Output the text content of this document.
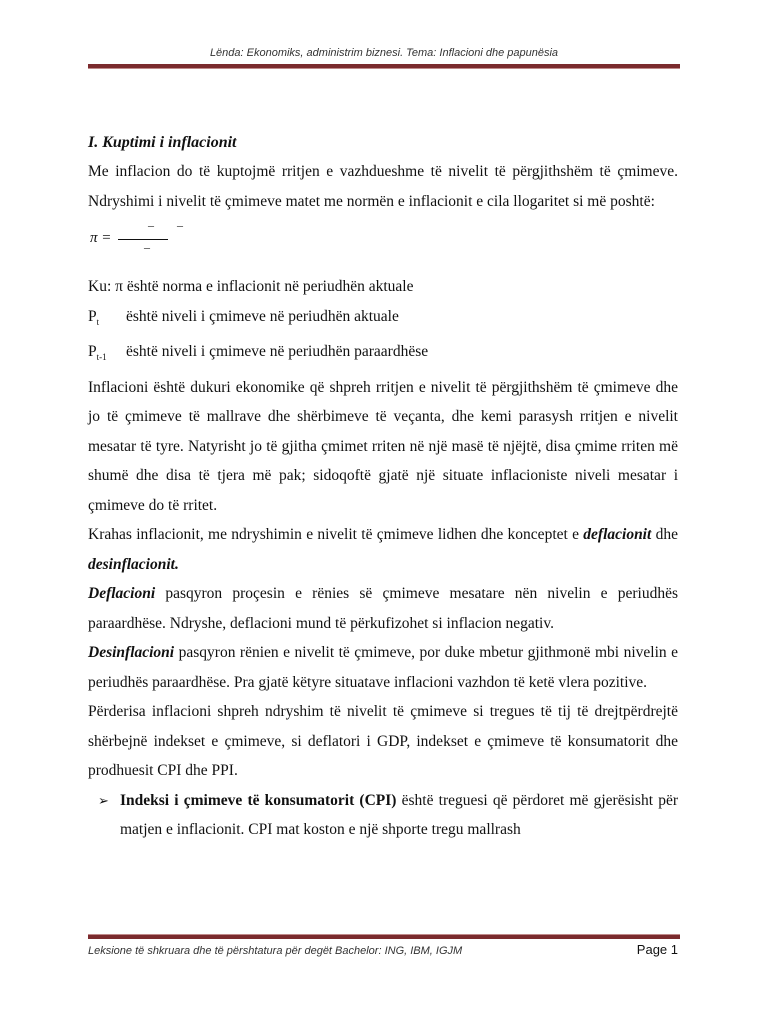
Lënda: Ekonomiks, administrim biznesi. Tema: Inflacioni dhe papunësia

I. Kuptimi i inflacionit

Me inflacion do të kuptojmë rritjen e vazhdueshme të nivelit të përgjithshëm të çmimeve. Ndryshimi i nivelit të çmimeve matet me normën e inflacionit e cila llogaritet si më poshtë:

π =
– –
–

Ku: π është norma e inflacionit në periudhën aktuale

$P_t$	është niveli i çmimeve në periudhën aktuale
$P_{t-1}$	është niveli i çmimeve në periudhën paraardhëse

Inflacioni është dukuri ekonomike që shpreh rritjen e nivelit të përgjithshëm të çmimeve dhe jo të çmimeve të mallrave dhe shërbimeve të veçanta, dhe kemi parasysh rritjen e nivelit mesatar të tyre. Natyrisht jo të gjitha çmimet rriten në një masë të njëjtë, disa çmime rriten më shumë dhe disa të tjera më pak; sidoqoftë gjatë një situate inflacioniste niveli mesatar i çmimeve do të rritet.

Krahas inflacionit, me ndryshimin e nivelit të çmimeve lidhen dhe konceptet e deflacionit dhe desinflacionit.

Deflacioni pasqyron proçesin e rënies së çmimeve mesatare nën nivelin e periudhës paraardhëse. Ndryshe, deflacioni mund të përkufizohet si inflacion negativ.

Desinflacioni pasqyron rënien e nivelit të çmimeve, por duke mbetur gjithmonë mbi nivelin e periudhës paraardhëse. Pra gjatë këtyre situatave inflacioni vazhdon të ketë vlera pozitive.

Përderisa inflacioni shpreh ndryshim të nivelit të çmimeve si tregues të tij të drejtpërdrejtë shërbejnë indekset e çmimeve, si deflatori i GDP, indekset e çmimeve të konsumatorit dhe prodhuesit CPI dhe PPI.

➢ Indeksi i çmimeve të konsumatorit (CPI) është treguesi që përdoret më gjerësisht për matjen e inflacionit. CPI mat koston e një shporte tregu mallrash
Leksione të shkruara dhe të përshtatura për degët Bachelor: ING, IBM, IGJM	Page 1
